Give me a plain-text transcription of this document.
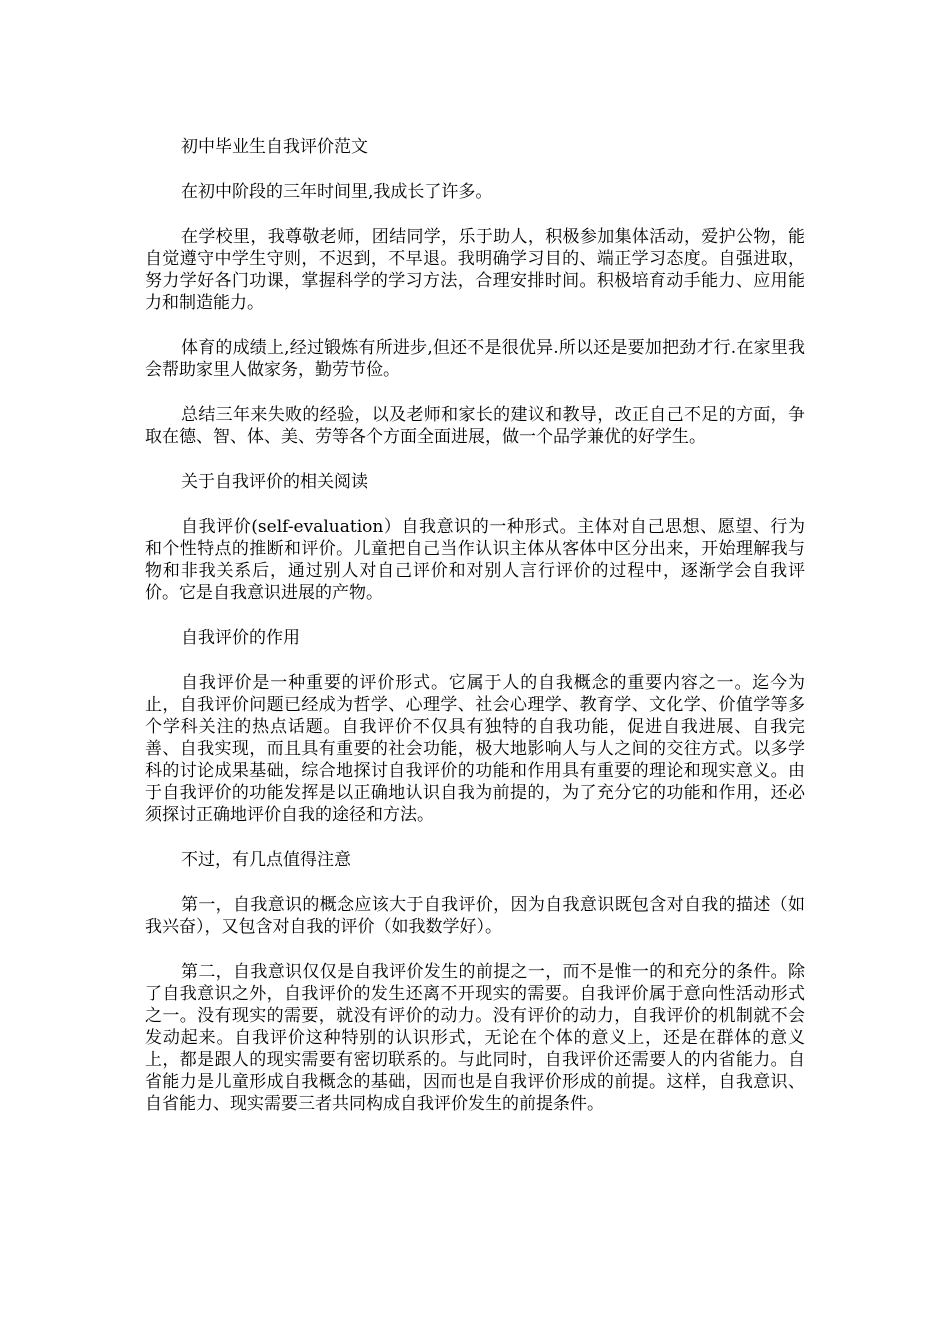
初中毕业生自我评价范文

在初中阶段的三年时间里,我成长了许多。

在学校里，我尊敬老师，团结同学，乐于助人，积极参加集体活动，爱护公物，能自觉遵守中学生守则，不迟到，不早退。我明确学习目的、端正学习态度。自强进取，努力学好各门功课，掌握科学的学习方法，合理安排时间。积极培育动手能力、应用能力和制造能力。

体育的成绩上,经过锻炼有所进步,但还不是很优异.所以还是要加把劲才行.在家里我会帮助家里人做家务，勤劳节俭。

总结三年来失败的经验，以及老师和家长的建议和教导，改正自己不足的方面，争取在德、智、体、美、劳等各个方面全面进展，做一个品学兼优的好学生。

关于自我评价的相关阅读

自我评价(self-evaluation）自我意识的一种形式。主体对自己思想、愿望、行为和个性特点的推断和评价。儿童把自己当作认识主体从客体中区分出来，开始理解我与物和非我关系后，通过别人对自己评价和对别人言行评价的过程中，逐渐学会自我评价。它是自我意识进展的产物。

自我评价的作用

自我评价是一种重要的评价形式。它属于人的自我概念的重要内容之一。迄今为止，自我评价问题已经成为哲学、心理学、社会心理学、教育学、文化学、价值学等多个学科关注的热点话题。自我评价不仅具有独特的自我功能，促进自我进展、自我完善、自我实现，而且具有重要的社会功能，极大地影响人与人之间的交往方式。以多学科的讨论成果基础，综合地探讨自我评价的功能和作用具有重要的理论和现实意义。由于自我评价的功能发挥是以正确地认识自我为前提的，为了充分它的功能和作用，还必须探讨正确地评价自我的途径和方法。

不过，有几点值得注意

第一，自我意识的概念应该大于自我评价，因为自我意识既包含对自我的描述（如我兴奋），又包含对自我的评价（如我数学好）。

第二，自我意识仅仅是自我评价发生的前提之一，而不是惟一的和充分的条件。除了自我意识之外，自我评价的发生还离不开现实的需要。自我评价属于意向性活动形式之一。没有现实的需要，就没有评价的动力。没有评价的动力，自我评价的机制就不会发动起来。自我评价这种特别的认识形式，无论在个体的意义上，还是在群体的意义上，都是跟人的现实需要有密切联系的。与此同时，自我评价还需要人的内省能力。自省能力是儿童形成自我概念的基础，因而也是自我评价形成的前提。这样，自我意识、自省能力、现实需要三者共同构成自我评价发生的前提条件。
